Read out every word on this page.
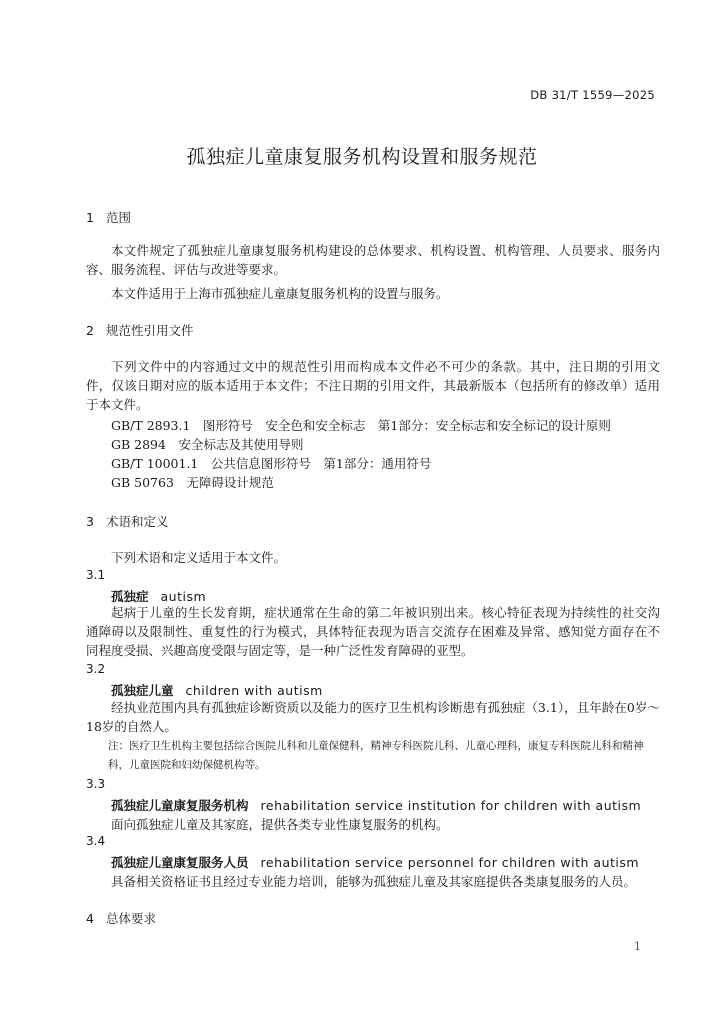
DB 31/T 1559—2025
孤独症儿童康复服务机构设置和服务规范
1 范围
本文件规定了孤独症儿童康复服务机构建设的总体要求、机构设置、机构管理、人员要求、服务内容、服务流程、评估与改进等要求。
本文件适用于上海市孤独症儿童康复服务机构的设置与服务。
2 规范性引用文件
下列文件中的内容通过文中的规范性引用而构成本文件必不可少的条款。其中，注日期的引用文件，仅该日期对应的版本适用于本文件；不注日期的引用文件，其最新版本（包括所有的修改单）适用于本文件。
GB/T 2893.1　图形符号　安全色和安全标志　第1部分：安全标志和安全标记的设计原则
GB 2894　安全标志及其使用导则
GB/T 10001.1　公共信息图形符号　第1部分：通用符号
GB 50763　无障碍设计规范
3 术语和定义
下列术语和定义适用于本文件。
3.1
孤独症 autism
起病于儿童的生长发育期，症状通常在生命的第二年被识别出来。核心特征表现为持续性的社交沟通障碍以及限制性、重复性的行为模式，具体特征表现为语言交流存在困难及异常、感知觉方面存在不同程度受损、兴趣高度受限与固定等，是一种广泛性发育障碍的亚型。
3.2
孤独症儿童 children with autism
经执业范围内具有孤独症诊断资质以及能力的医疗卫生机构诊断患有孤独症（3.1），且年龄在0岁～18岁的自然人。
注：医疗卫生机构主要包括综合医院儿科和儿童保健科，精神专科医院儿科、儿童心理科，康复专科医院儿科和精神科，儿童医院和妇幼保健机构等。
3.3
孤独症儿童康复服务机构 rehabilitation service institution for children with autism
面向孤独症儿童及其家庭，提供各类专业性康复服务的机构。
3.4
孤独症儿童康复服务人员 rehabilitation service personnel for children with autism
具备相关资格证书且经过专业能力培训，能够为孤独症儿童及其家庭提供各类康复服务的人员。
4 总体要求
1
